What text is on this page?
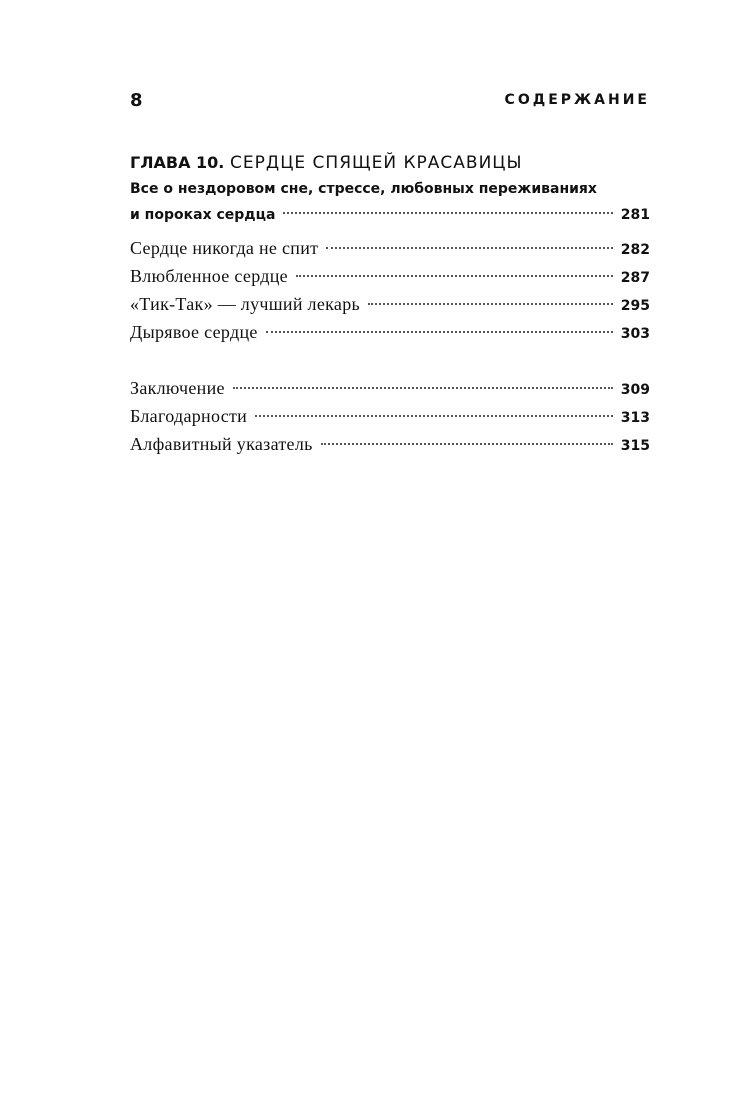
8	СОДЕРЖАНИЕ
ГЛАВА 10. СЕРДЦЕ СПЯЩЕЙ КРАСАВИЦЫ
Все о нездоровом сне, стрессе, любовных переживаниях
и пороках сердца	281
Сердце никогда не спит	282
Влюбленное сердце	287
«Тик-Так» — лучший лекарь	295
Дырявое сердце	303
Заключение	309
Благодарности	313
Алфавитный указатель	315
